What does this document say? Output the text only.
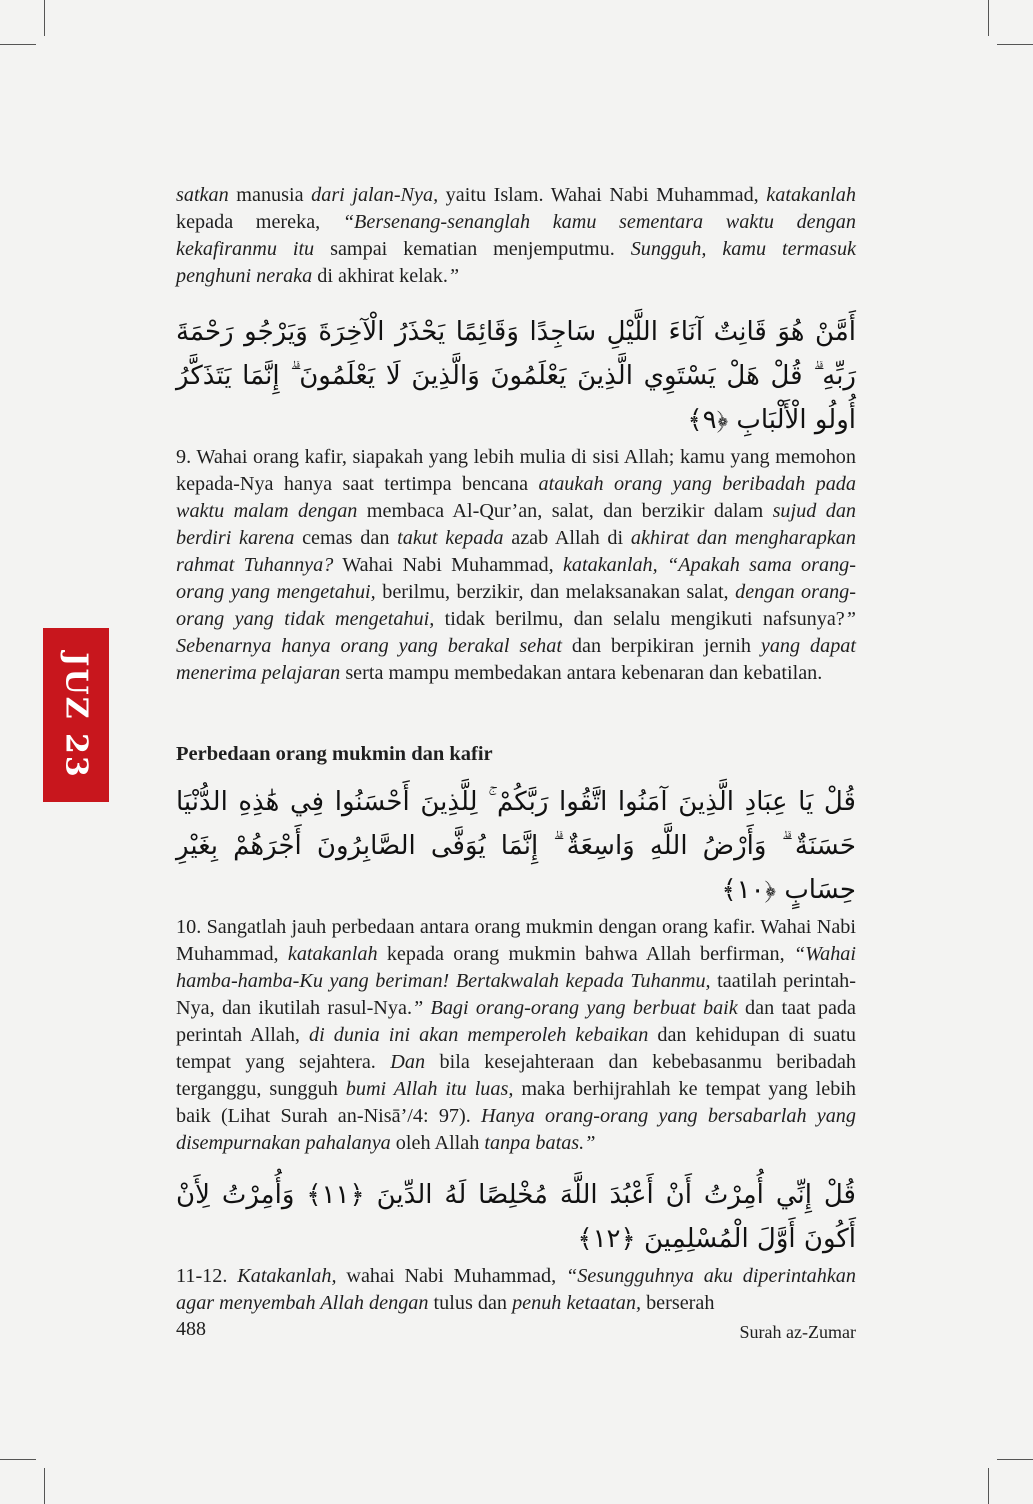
JUZ 23

satkan manusia dari jalan-Nya, yaitu Islam. Wahai Nabi Muhammad, katakanlah kepada mereka, “Bersenang-senanglah kamu sementara waktu dengan kekafiranmu itu sampai kematian menjemputmu. Sungguh, kamu termasuk penghuni neraka di akhirat kelak.”

أَمَّنْ هُوَ قَانِتٌ آنَاءَ اللَّيْلِ سَاجِدًا وَقَائِمًا يَحْذَرُ الْآخِرَةَ وَيَرْجُو رَحْمَةَ رَبِّهِ ۗ قُلْ هَلْ يَسْتَوِي الَّذِينَ يَعْلَمُونَ وَالَّذِينَ لَا يَعْلَمُونَ ۗ إِنَّمَا يَتَذَكَّرُ أُولُو الْأَلْبَابِ ﴿٩﴾

9. Wahai orang kafir, siapakah yang lebih mulia di sisi Allah; kamu yang memohon kepada-Nya hanya saat tertimpa bencana ataukah orang yang beribadah pada waktu malam dengan membaca Al-Qur’an, salat, dan berzikir dalam sujud dan berdiri karena cemas dan takut kepada azab Allah di akhirat dan mengharapkan rahmat Tuhannya? Wahai Nabi Muhammad, katakanlah, “Apakah sama orang-orang yang mengetahui, berilmu, berzikir, dan melaksanakan salat, dengan orang-orang yang tidak mengetahui, tidak berilmu, dan selalu mengikuti nafsunya?” Sebenarnya hanya orang yang berakal sehat dan berpikiran jernih yang dapat menerima pelajaran serta mampu membedakan antara kebenaran dan kebatilan.

Perbedaan orang mukmin dan kafir

قُلْ يَا عِبَادِ الَّذِينَ آمَنُوا اتَّقُوا رَبَّكُمْ ۚ لِلَّذِينَ أَحْسَنُوا فِي هَٰذِهِ الدُّنْيَا حَسَنَةٌ ۗ وَأَرْضُ اللَّهِ وَاسِعَةٌ ۗ إِنَّمَا يُوَفَّى الصَّابِرُونَ أَجْرَهُمْ بِغَيْرِ حِسَابٍ ﴿١٠﴾

10. Sangatlah jauh perbedaan antara orang mukmin dengan orang kafir. Wahai Nabi Muhammad, katakanlah kepada orang mukmin bahwa Allah berfirman, “Wahai hamba-hamba-Ku yang beriman! Bertakwalah kepada Tuhanmu, taatilah perintah-Nya, dan ikutilah rasul-Nya.” Bagi orang-orang yang berbuat baik dan taat pada perintah Allah, di dunia ini akan memperoleh kebaikan dan kehidupan di suatu tempat yang sejahtera. Dan bila kesejahteraan dan kebebasanmu beribadah terganggu, sungguh bumi Allah itu luas, maka berhijrahlah ke tempat yang lebih baik (Lihat Surah an-Nisā’/4: 97). Hanya orang-orang yang bersabarlah yang disempurnakan pahalanya oleh Allah tanpa batas.”

قُلْ إِنِّي أُمِرْتُ أَنْ أَعْبُدَ اللَّهَ مُخْلِصًا لَهُ الدِّينَ ﴿١١﴾ وَأُمِرْتُ لِأَنْ أَكُونَ أَوَّلَ الْمُسْلِمِينَ ﴿١٢﴾

11-12. Katakanlah, wahai Nabi Muhammad, “Sesungguhnya aku diperintahkan agar menyembah Allah dengan tulus dan penuh ketaatan, berserah

488	Surah az-Zumar
